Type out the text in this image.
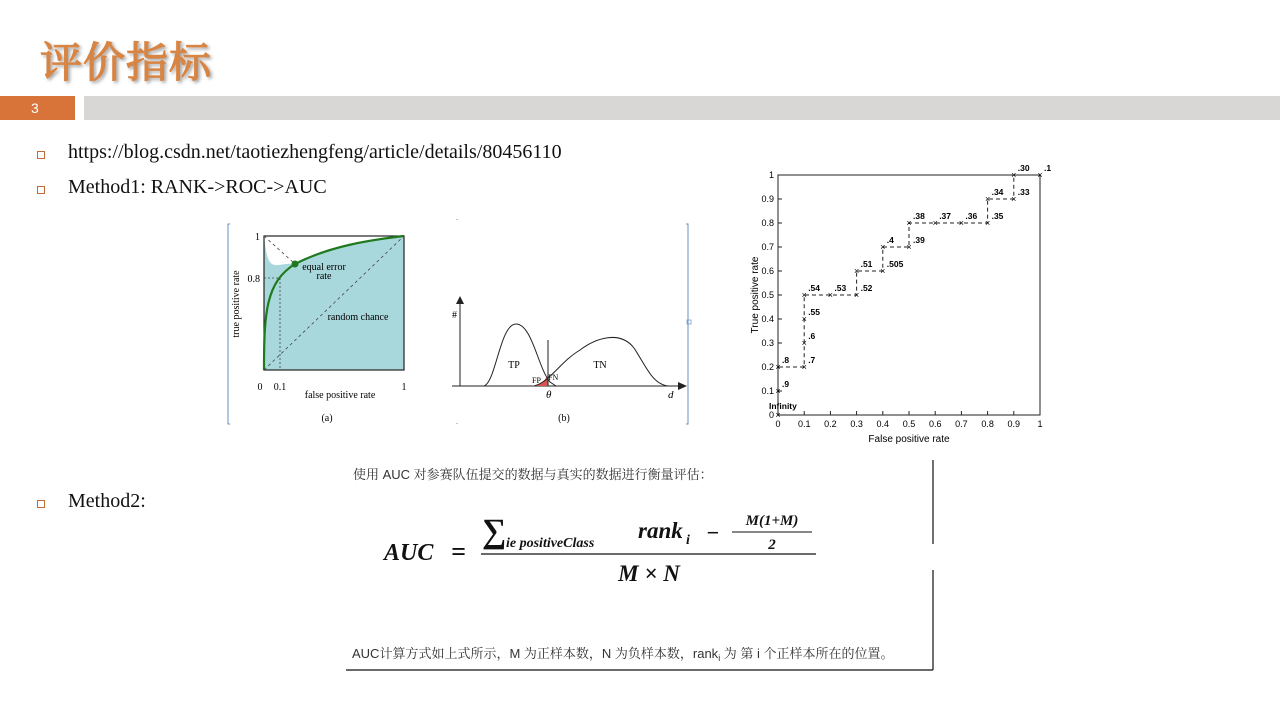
评价指标
3
https://blog.csdn.net/taotiezhengfeng/article/details/80456110
Method1: RANK->ROC->AUC
Method2:
˘
˘
1
0.8
0 0.1	1
false positive rate
true positive rate
equal error
rate
random chance
(a)
#
d
θ
TP	TN
FP FN
(b)	0 0.1 0.2 0.3 0.4 0.5 0.6 0.7 0.8 0.9 1
0
0.1
0.2
0.3
0.4
0.5
0.6
0.7
0.8
0.9
1
×
Infinity
×
.9
×
.8
×
.7
×
.6
×
.55
×
.54
×
.53
×
.52
×
.51
×
.505
×
.4
×
.39
×
.38
×
.37
×
.36
×
.35
×
.34
×
.33
×
.30
×
.1
False positive rate
True positive rate
使用 AUC 对参赛队伍提交的数据与真实的数据进行衡量评估：
AUC =
∑ ie positiveClass
rank i − M(1+M)
2
M × N
AUC计算方式如上式所示，M 为正样本数，N 为负样本数，rank$_i$ 为 第 i 个正样本所在的位置。
